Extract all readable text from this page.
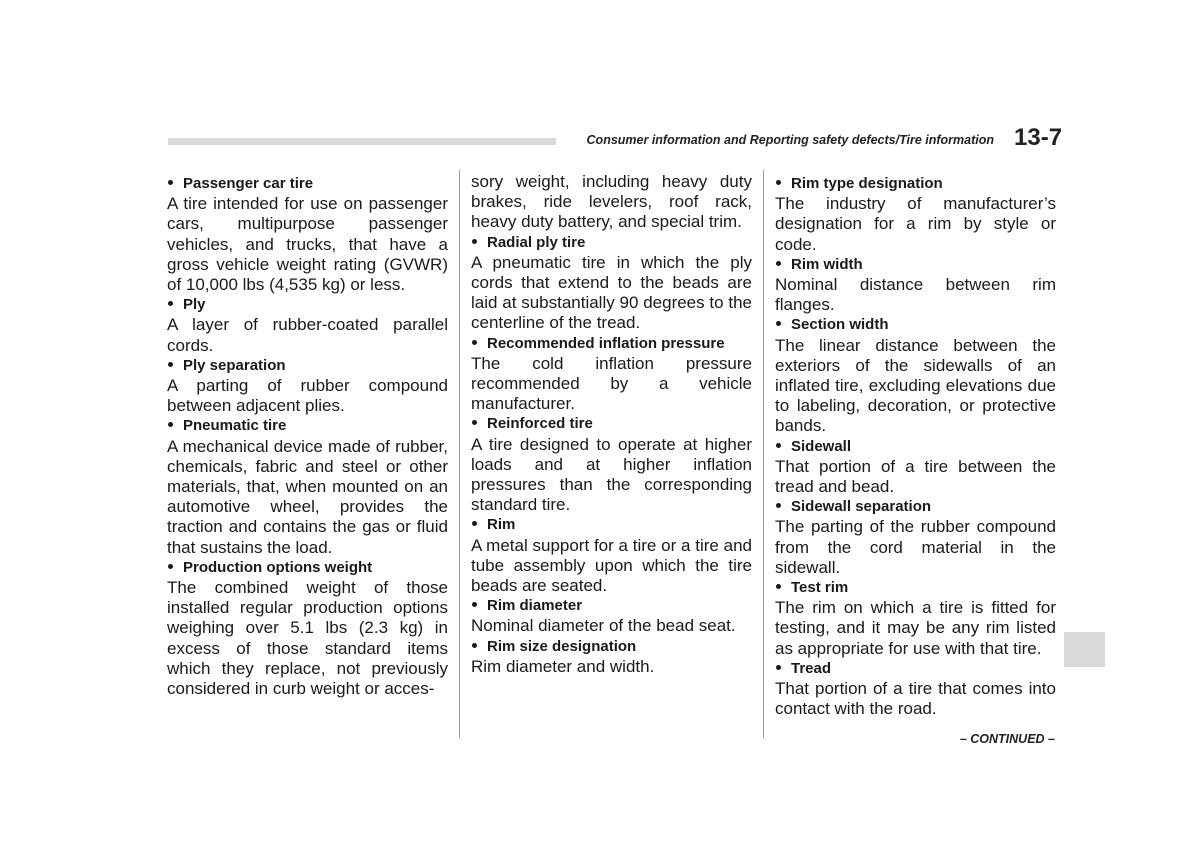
Consumer information and Reporting safety defects/Tire information 13-7

Passenger car tire

A tire intended for use on passenger cars, multipurpose passenger vehicles, and trucks, that have a gross vehicle weight rating (GVWR) of 10,000 lbs (4,535 kg) or less.

Ply

A layer of rubber-coated parallel cords.

Ply separation

A parting of rubber compound between adjacent plies.

Pneumatic tire

A mechanical device made of rubber, chemicals, fabric and steel or other materials, that, when mounted on an automotive wheel, provides the traction and contains the gas or fluid that sustains the load.

Production options weight

The combined weight of those installed regular production options weighing over 5.1 lbs (2.3 kg) in excess of those standard items which they replace, not previously considered in curb weight or acces-

sory weight, including heavy duty brakes, ride levelers, roof rack, heavy duty battery, and special trim.

Radial ply tire

A pneumatic tire in which the ply cords that extend to the beads are laid at substantially 90 degrees to the centerline of the tread.

Recommended inflation pressure

The cold inflation pressure recommended by a vehicle manufacturer.

Reinforced tire

A tire designed to operate at higher loads and at higher inflation pressures than the corresponding standard tire.

Rim

A metal support for a tire or a tire and tube assembly upon which the tire beads are seated.

Rim diameter

Nominal diameter of the bead seat.

Rim size designation

Rim diameter and width.

Rim type designation

The industry of manufacturer’s designation for a rim by style or code.

Rim width

Nominal distance between rim flanges.

Section width

The linear distance between the exteriors of the sidewalls of an inflated tire, excluding elevations due to labeling, decoration, or protective bands.

Sidewall

That portion of a tire between the tread and bead.

Sidewall separation

The parting of the rubber compound from the cord material in the sidewall.

Test rim

The rim on which a tire is fitted for testing, and it may be any rim listed as appropriate for use with that tire.

Tread

That portion of a tire that comes into contact with the road.

– CONTINUED –
